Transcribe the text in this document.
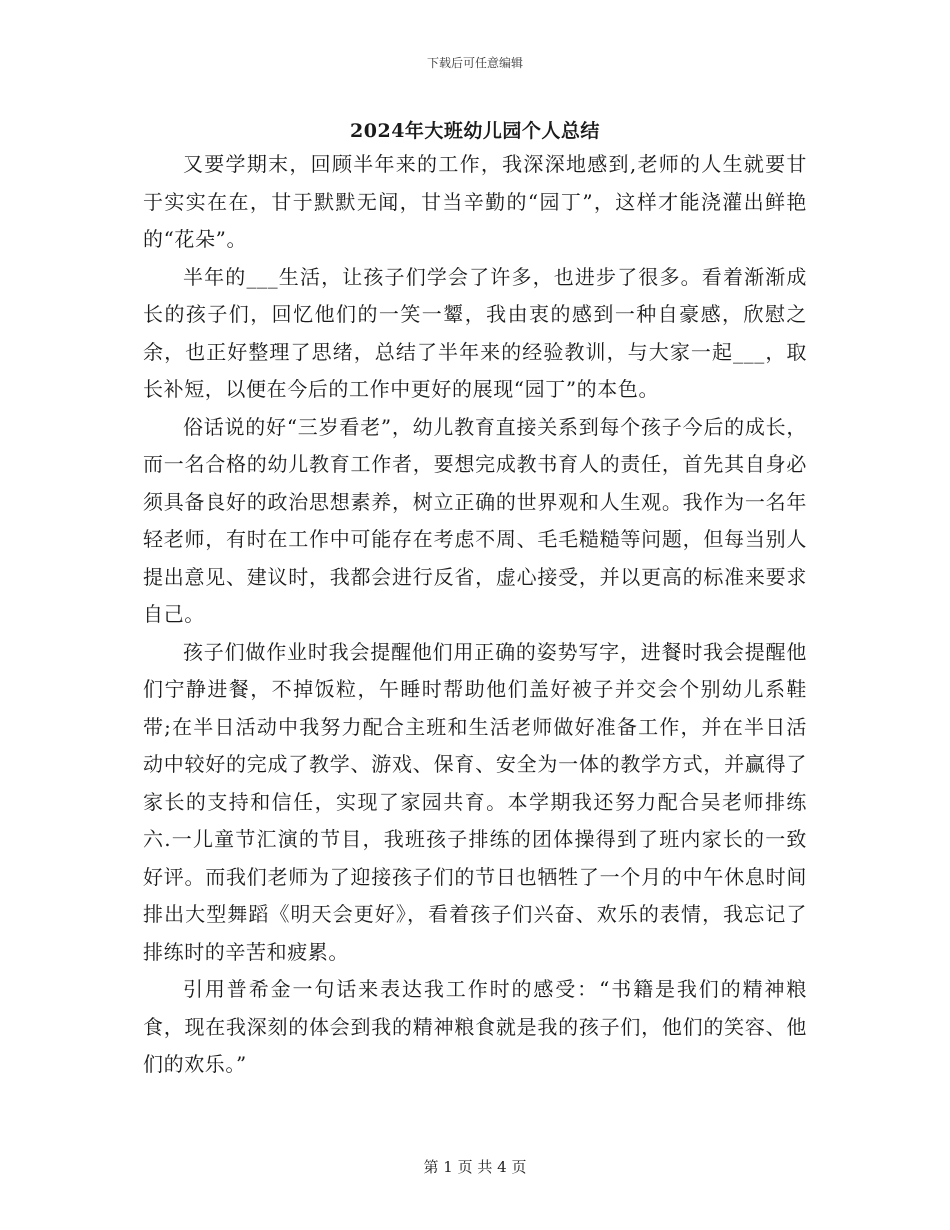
下载后可任意编辑
2024年大班幼儿园个人总结

又要学期末，回顾半年来的工作，我深深地感到,老师的人生就要甘于实实在在，甘于默默无闻，甘当辛勤的“园丁”，这样才能浇灌出鲜艳的“花朵”。

半年的___生活，让孩子们学会了许多，也进步了很多。看着渐渐成长的孩子们，回忆他们的一笑一颦，我由衷的感到一种自豪感，欣慰之余，也正好整理了思绪，总结了半年来的经验教训，与大家一起___，取长补短，以便在今后的工作中更好的展现“园丁”的本色。

俗话说的好“三岁看老”，幼儿教育直接关系到每个孩子今后的成长，而一名合格的幼儿教育工作者，要想完成教书育人的责任，首先其自身必须具备良好的政治思想素养，树立正确的世界观和人生观。我作为一名年轻老师，有时在工作中可能存在考虑不周、毛毛糙糙等问题，但每当别人提出意见、建议时，我都会进行反省，虚心接受，并以更高的标准来要求自己。

孩子们做作业时我会提醒他们用正确的姿势写字，进餐时我会提醒他们宁静进餐，不掉饭粒，午睡时帮助他们盖好被子并交会个别幼儿系鞋带;在半日活动中我努力配合主班和生活老师做好准备工作，并在半日活动中较好的完成了教学、游戏、保育、安全为一体的教学方式，并赢得了家长的支持和信任，实现了家园共育。本学期我还努力配合吴老师排练六.一儿童节汇演的节目，我班孩子排练的团体操得到了班内家长的一致好评。而我们老师为了迎接孩子们的节日也牺牲了一个月的中午休息时间排出大型舞蹈《明天会更好》，看着孩子们兴奋、欢乐的表情，我忘记了排练时的辛苦和疲累。

引用普希金一句话来表达我工作时的感受：“书籍是我们的精神粮食，现在我深刻的体会到我的精神粮食就是我的孩子们，他们的笑容、他们的欢乐。”

第 1 页 共 4 页
